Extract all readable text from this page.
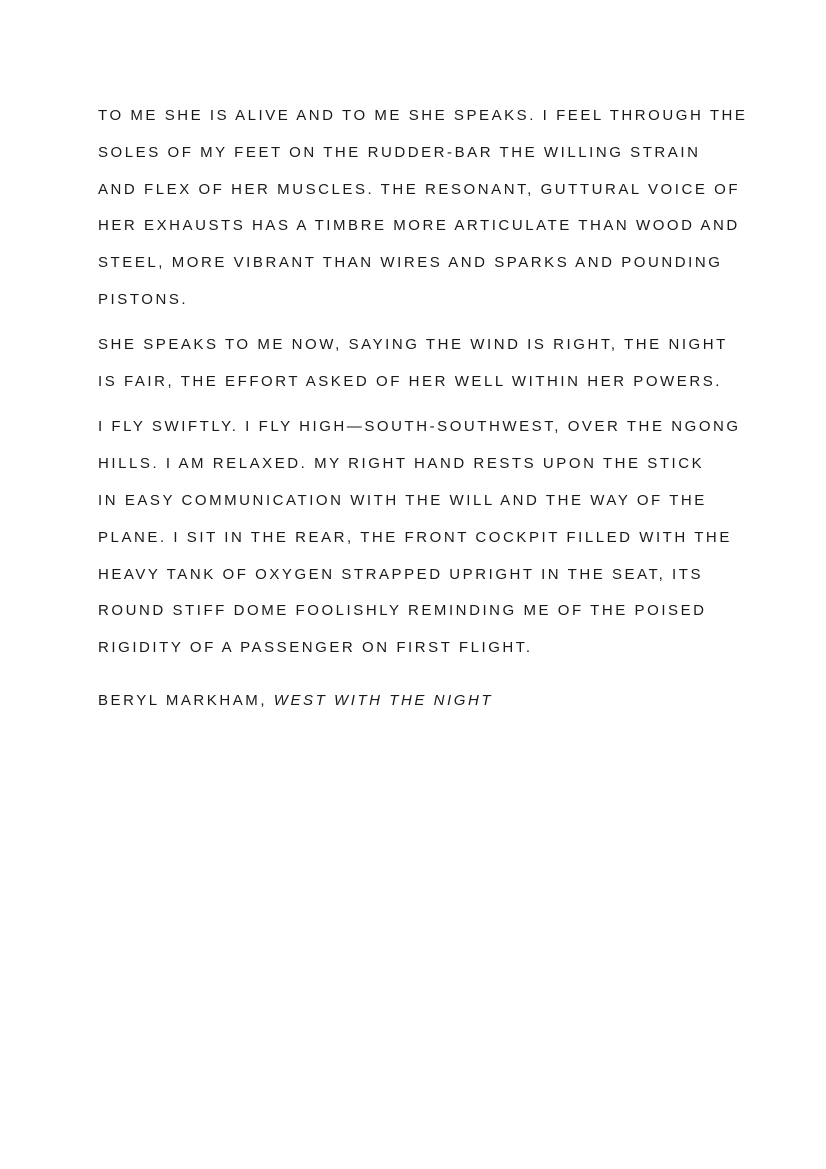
TO ME SHE IS ALIVE AND TO ME SHE SPEAKS. I FEEL THROUGH THE
SOLES OF MY FEET ON THE RUDDER-BAR THE WILLING STRAIN
AND FLEX OF HER MUSCLES. THE RESONANT, GUTTURAL VOICE OF
HER EXHAUSTS HAS A TIMBRE MORE ARTICULATE THAN WOOD AND
STEEL, MORE VIBRANT THAN WIRES AND SPARKS AND POUNDING
PISTONS.

SHE SPEAKS TO ME NOW, SAYING THE WIND IS RIGHT, THE NIGHT
IS FAIR, THE EFFORT ASKED OF HER WELL WITHIN HER POWERS.

I FLY SWIFTLY. I FLY HIGH—SOUTH-SOUTHWEST, OVER THE NGONG
HILLS. I AM RELAXED. MY RIGHT HAND RESTS UPON THE STICK
IN EASY COMMUNICATION WITH THE WILL AND THE WAY OF THE
PLANE. I SIT IN THE REAR, THE FRONT COCKPIT FILLED WITH THE
HEAVY TANK OF OXYGEN STRAPPED UPRIGHT IN THE SEAT, ITS
ROUND STIFF DOME FOOLISHLY REMINDING ME OF THE POISED
RIGIDITY OF A PASSENGER ON FIRST FLIGHT.

BERYL MARKHAM, WEST WITH THE NIGHT
